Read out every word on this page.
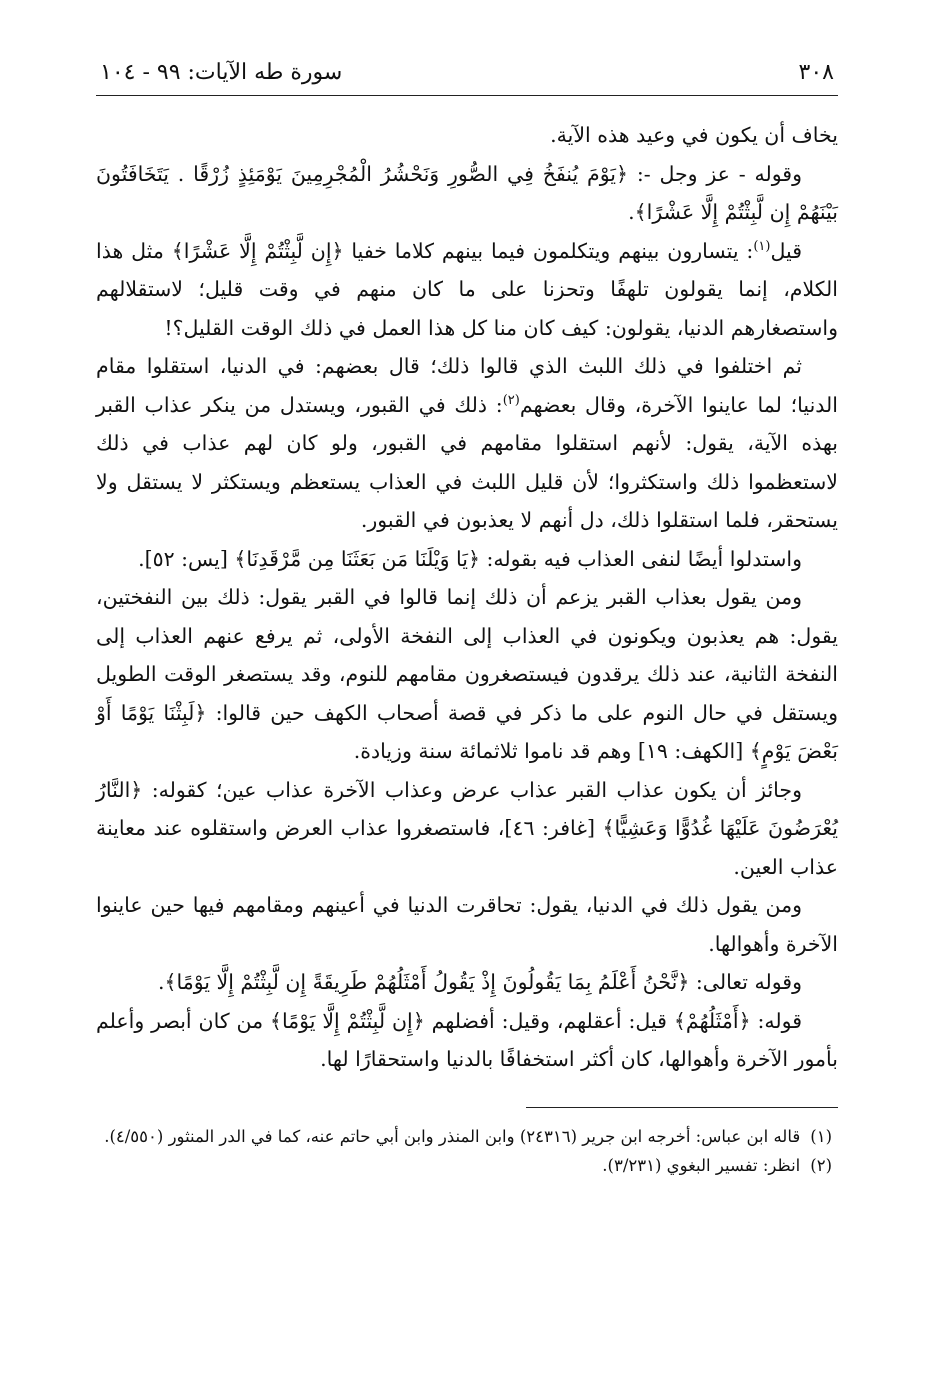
٣٠٨
سورة طه الآيات: ٩٩ - ١٠٤

يخاف أن يكون في وعيد هذه الآية.

وقوله - عز وجل -: ﴿يَوْمَ يُنفَخُ فِي الصُّورِ وَنَحْشُرُ الْمُجْرِمِينَ يَوْمَئِذٍ زُرْقًا . يَتَخَافَتُونَ بَيْنَهُمْ إِن لَّبِثْتُمْ إِلَّا عَشْرًا﴾.

قيل$^{(١)}$: يتسارون بينهم ويتكلمون فيما بينهم كلاما خفيا ﴿إِن لَّبِثْتُمْ إِلَّا عَشْرًا﴾ مثل هذا الكلام، إنما يقولون تلهفًا وتحزنا على ما كان منهم في وقت قليل؛ لاستقلالهم واستصغارهم الدنيا، يقولون: كيف كان منا كل هذا العمل في ذلك الوقت القليل؟!

ثم اختلفوا في ذلك اللبث الذي قالوا ذلك؛ قال بعضهم: في الدنيا، استقلوا مقام الدنيا؛ لما عاينوا الآخرة، وقال بعضهم$^{(٢)}$: ذلك في القبور، ويستدل من ينكر عذاب القبر بهذه الآية، يقول: لأنهم استقلوا مقامهم في القبور، ولو كان لهم عذاب في ذلك لاستعظموا ذلك واستكثروا؛ لأن قليل اللبث في العذاب يستعظم ويستكثر لا يستقل ولا يستحقر، فلما استقلوا ذلك، دل أنهم لا يعذبون في القبور.

واستدلوا أيضًا لنفى العذاب فيه بقوله: ﴿يَا وَيْلَنَا مَن بَعَثَنَا مِن مَّرْقَدِنَا﴾ [يس: ٥٢].

ومن يقول بعذاب القبر يزعم أن ذلك إنما قالوا في القبر يقول: ذلك بين النفختين، يقول: هم يعذبون ويكونون في العذاب إلى النفخة الأولى، ثم يرفع عنهم العذاب إلى النفخة الثانية، عند ذلك يرقدون فيستصغرون مقامهم للنوم، وقد يستصغر الوقت الطويل ويستقل في حال النوم على ما ذكر في قصة أصحاب الكهف حين قالوا: ﴿لَبِثْنَا يَوْمًا أَوْ بَعْضَ يَوْمٍ﴾ [الكهف: ١٩] وهم قد ناموا ثلاثمائة سنة وزيادة.

وجائز أن يكون عذاب القبر عذاب عرض وعذاب الآخرة عذاب عين؛ كقوله: ﴿النَّارُ يُعْرَضُونَ عَلَيْهَا غُدُوًّا وَعَشِيًّا﴾ [غافر: ٤٦]، فاستصغروا عذاب العرض واستقلوه عند معاينة عذاب العين.

ومن يقول ذلك في الدنيا، يقول: تحاقرت الدنيا في أعينهم ومقامهم فيها حين عاينوا الآخرة وأهوالها.

وقوله تعالى: ﴿نَّحْنُ أَعْلَمُ بِمَا يَقُولُونَ إِذْ يَقُولُ أَمْثَلُهُمْ طَرِيقَةً إِن لَّبِثْتُمْ إِلَّا يَوْمًا﴾.

قوله: ﴿أَمْثَلُهُمْ﴾ قيل: أعقلهم، وقيل: أفضلهم ﴿إِن لَّبِثْتُمْ إِلَّا يَوْمًا﴾ من كان أبصر وأعلم بأمور الآخرة وأهوالها، كان أكثر استخفافًا بالدنيا واستحقارًا لها.

(١)قاله ابن عباس: أخرجه ابن جرير (٢٤٣١٦) وابن المنذر وابن أبي حاتم عنه، كما في الدر المنثور (٤/٥٥٠).

(٢)انظر: تفسير البغوي (٣/٢٣١).
